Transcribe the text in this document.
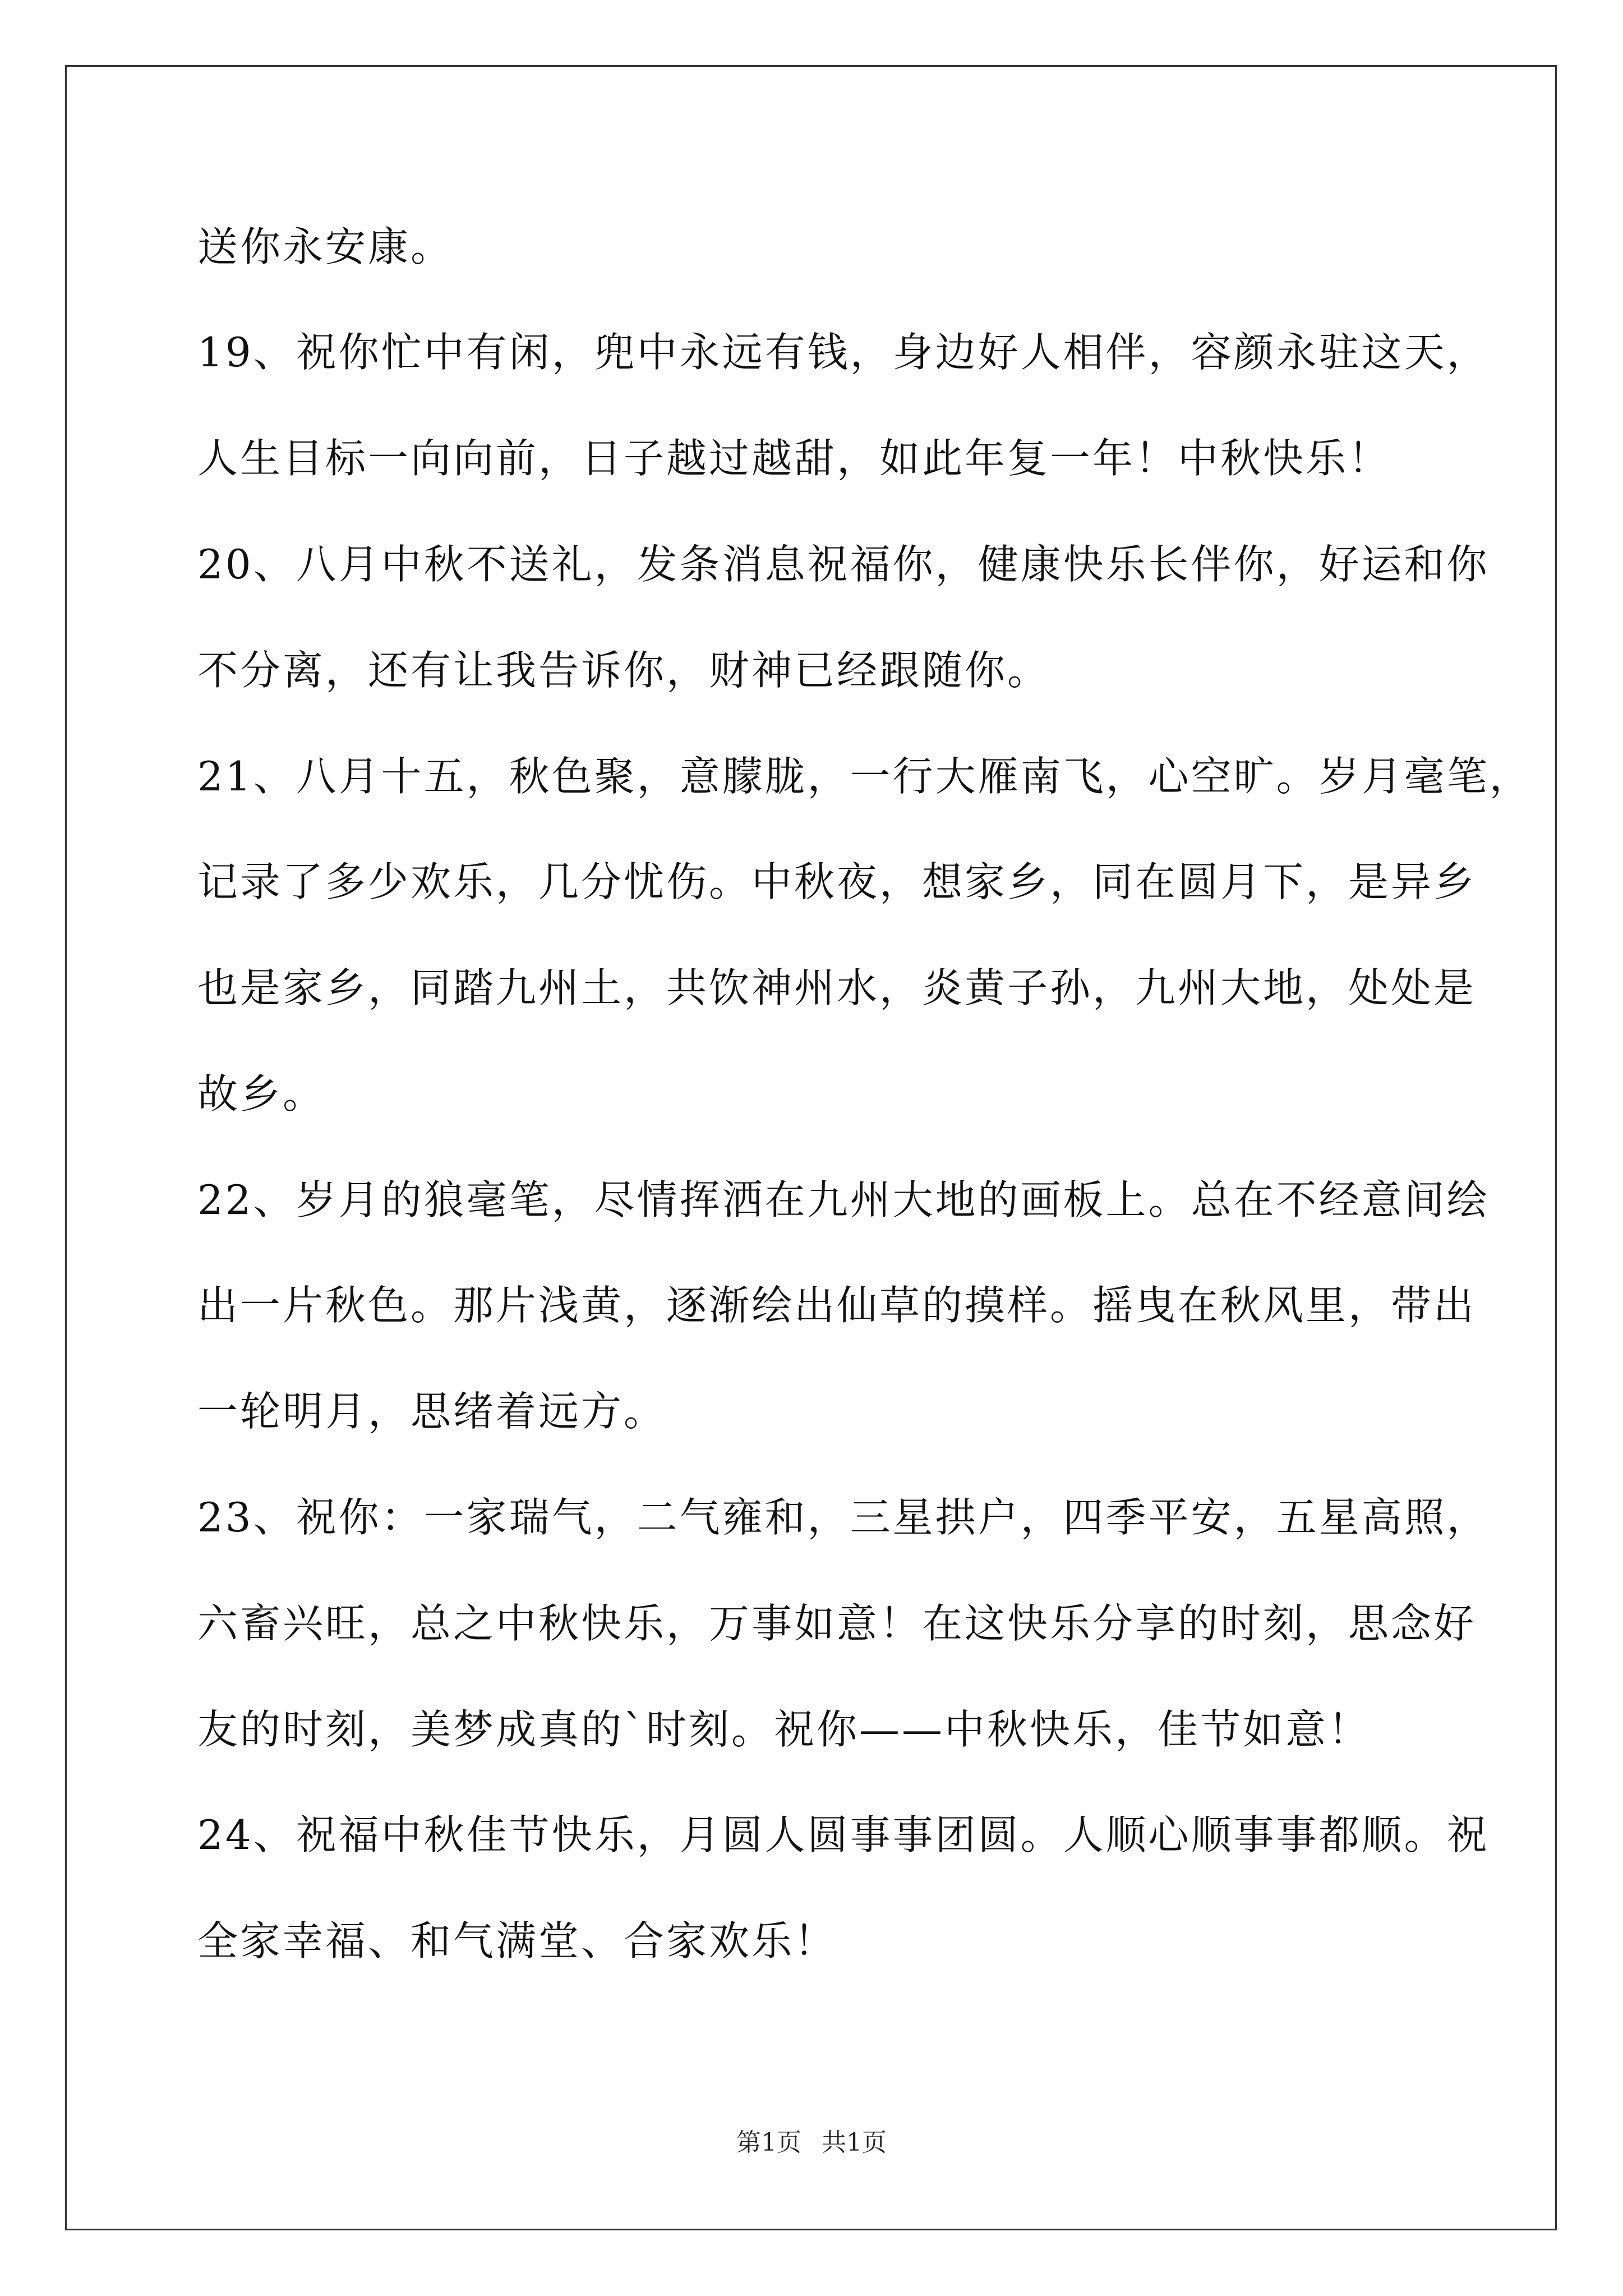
送你永安康。
19、祝你忙中有闲，兜中永远有钱，身边好人相伴，容颜永驻这天，
人生目标一向向前，日子越过越甜，如此年复一年！中秋快乐！
20、八月中秋不送礼，发条消息祝福你，健康快乐长伴你，好运和你
不分离，还有让我告诉你，财神已经跟随你。
21、八月十五，秋色聚，意朦胧，一行大雁南飞，心空旷。岁月毫笔，
记录了多少欢乐，几分忧伤。中秋夜，想家乡，同在圆月下，是异乡
也是家乡，同踏九州土，共饮神州水，炎黄子孙，九州大地，处处是
故乡。
22、岁月的狼毫笔，尽情挥洒在九州大地的画板上。总在不经意间绘
出一片秋色。那片浅黄，逐渐绘出仙草的摸样。摇曳在秋风里，带出
一轮明月，思绪着远方。
23、祝你：一家瑞气，二气雍和，三星拱户，四季平安，五星高照，
六畜兴旺，总之中秋快乐，万事如意！在这快乐分享的时刻，思念好
友的时刻，美梦成真的`时刻。祝你——中秋快乐，佳节如意！
24、祝福中秋佳节快乐，月圆人圆事事团圆。人顺心顺事事都顺。祝
全家幸福、和气满堂、合家欢乐！
第1页 共1页
